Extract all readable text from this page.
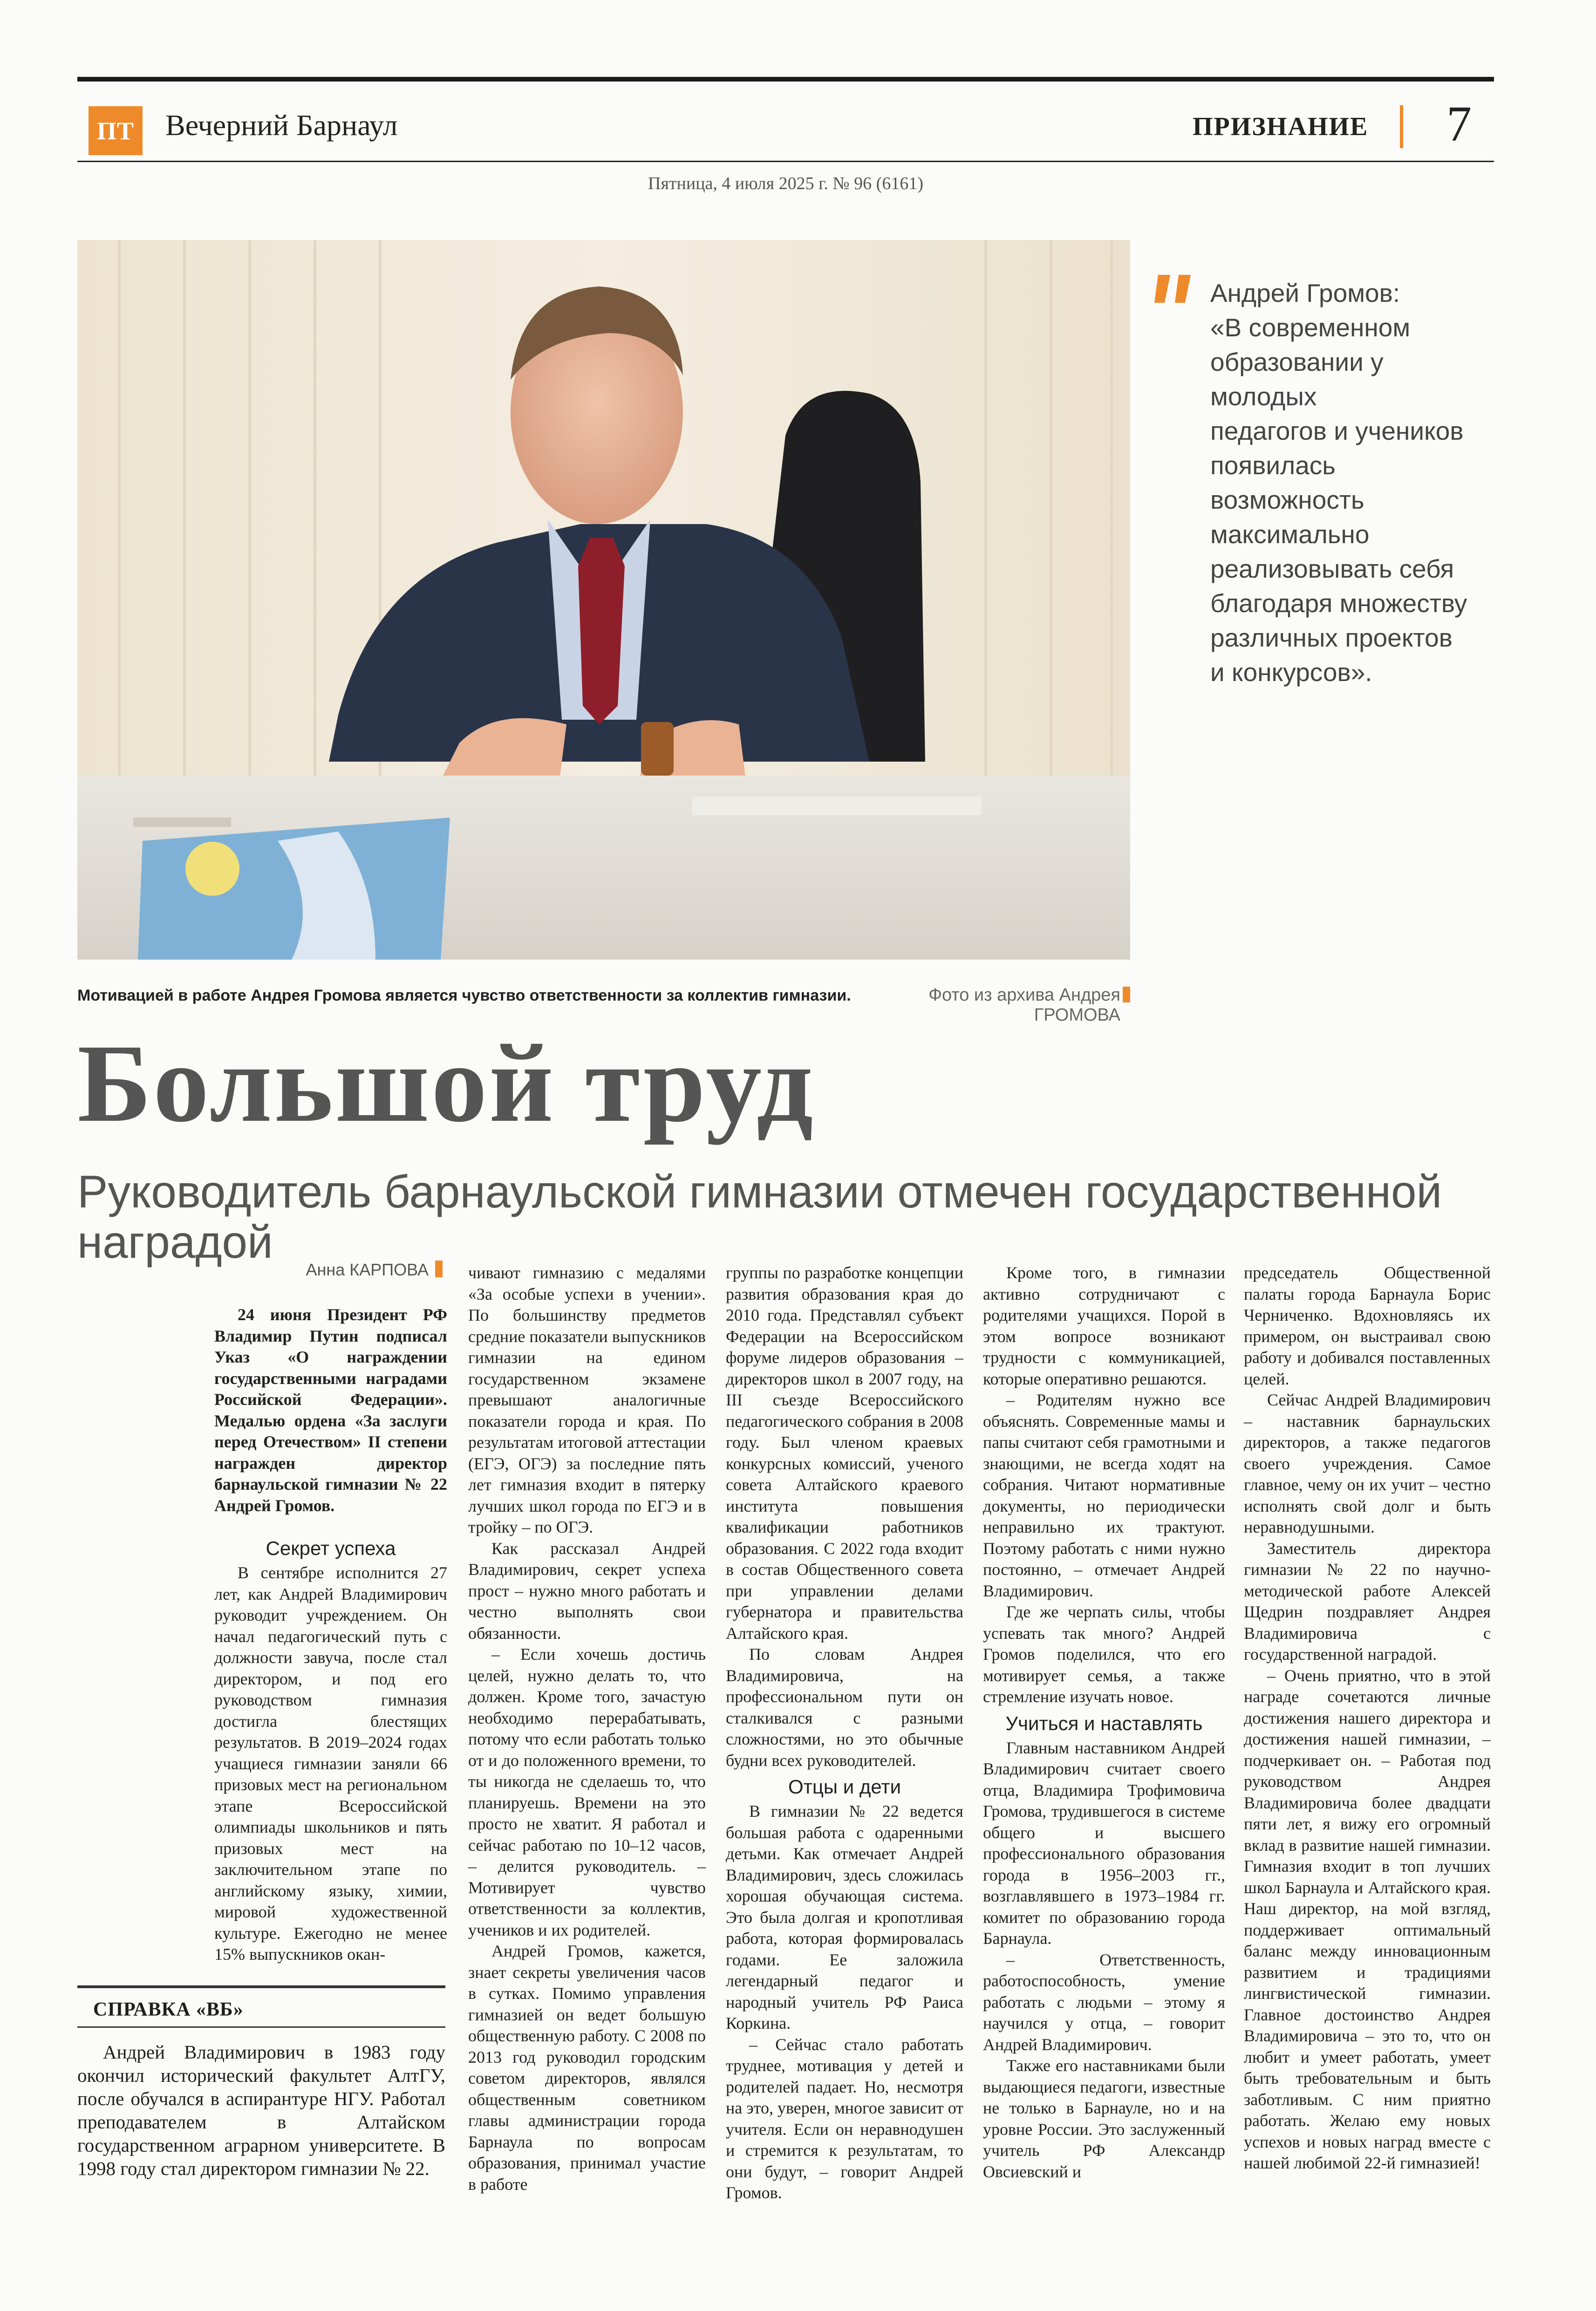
ПТ Вечерний Барнаул	ПРИЗНАНИЕ 7
Пятница, 4 июля 2025 г. № 96 (6161)

Андрей Громов:

«В современном

образовании у молодых

педагогов и учеников

появилась возможность

максимально

реализовывать себя

благодаря множеству

различных проектов

и конкурсов».

Мотивацией в работе Андрея Громова является чувство ответственности за коллектив гимназии.	Фото из архива Андрея ГРОМОВА
Большой труд
Руководитель барнаульской гимназии отмечен государственной наградой
Анна КАРПОВА

24 июня Президент РФ Владимир Путин подписал Указ «О награждении государственными наградами Российской Федерации». Медалью ордена «За заслуги перед Отечеством» II степени награжден директор барнаульской гимназии № 22 Андрей Громов.

Секрет успеха

В сентябре исполнится 27 лет, как Андрей Владимирович руководит учреждением. Он начал педагогический путь с должности завуча, после стал директором, и под его руководством гимназия достигла блестящих результатов. В 2019–2024 годах учащиеся гимназии заняли 66 призовых мест на региональном этапе Всероссийской олимпиады школьников и пять призовых мест на заключительном этапе по английскому языку, химии, мировой художественной культуре. Ежегодно не менее 15% выпускников окан-

чивают гимназию с медалями «За особые успехи в учении». По большинству предметов средние показатели выпускников гимназии на едином государственном экзамене превышают аналогичные показатели города и края. По результатам итоговой аттестации (ЕГЭ, ОГЭ) за последние пять лет гимназия входит в пятерку лучших школ города по ЕГЭ и в тройку – по ОГЭ.

Как рассказал Андрей Владимирович, секрет успеха прост – нужно много работать и честно выполнять свои обязанности.

– Если хочешь достичь целей, нужно делать то, что должен. Кроме того, зачастую необходимо перерабатывать, потому что если работать только от и до положенного времени, то ты никогда не сделаешь то, что планируешь. Времени на это просто не хватит. Я работал и сейчас работаю по 10–12 часов, – делится руководитель. – Мотивирует чувство ответственности за коллектив, учеников и их родителей.

Андрей Громов, кажется, знает секреты увеличения часов в сутках. Помимо управления гимназией он ведет большую общественную работу. С 2008 по 2013 год руководил городским советом директоров, являлся общественным советником главы администрации города Барнаула по вопросам образования, принимал участие в работе

группы по разработке концепции развития образования края до 2010 года. Представлял субъект Федерации на Всероссийском форуме лидеров образования – директоров школ в 2007 году, на III съезде Всероссийского педагогического собрания в 2008 году. Был членом краевых конкурсных комиссий, ученого совета Алтайского краевого института повышения квалификации работников образования. С 2022 года входит в состав Общественного совета при управлении делами губернатора и правительства Алтайского края.

По словам Андрея Владимировича, на профессиональном пути он сталкивался с разными сложностями, но это обычные будни всех руководителей.

Отцы и дети

В гимназии № 22 ведется большая работа с одаренными детьми. Как отмечает Андрей Владимирович, здесь сложилась хорошая обучающая система. Это была долгая и кропотливая работа, которая формировалась годами. Ее заложила легендарный педагог и народный учитель РФ Раиса Коркина.

– Сейчас стало работать труднее, мотивация у детей и родителей падает. Но, несмотря на это, уверен, многое зависит от учителя. Если он неравнодушен и стремится к результатам, то они будут, – говорит Андрей Громов.

Кроме того, в гимназии активно сотрудничают с родителями учащихся. Порой в этом вопросе возникают трудности с коммуникацией, которые оперативно решаются.

– Родителям нужно все объяснять. Современные мамы и папы считают себя грамотными и знающими, не всегда ходят на собрания. Читают нормативные документы, но периодически неправильно их трактуют. Поэтому работать с ними нужно постоянно, – отмечает Андрей Владимирович.

Где же черпать силы, чтобы успевать так много? Андрей Громов поделился, что его мотивирует семья, а также стремление изучать новое.

Учиться и наставлять

Главным наставником Андрей Владимирович считает своего отца, Владимира Трофимовича Громова, трудившегося в системе общего и высшего профессионального образования города в 1956–2003 гг., возглавлявшего в 1973–1984 гг. комитет по образованию города Барнаула.

– Ответственность, работоспособность, умение работать с людьми – этому я научился у отца, – говорит Андрей Владимирович.

Также его наставниками были выдающиеся педагоги, известные не только в Барнауле, но и на уровне России. Это заслуженный учитель РФ Александр Овсиевский и

председатель Общественной палаты города Барнаула Борис Черниченко. Вдохновляясь их примером, он выстраивал свою работу и добивался поставленных целей.

Сейчас Андрей Владимирович – наставник барнаульских директоров, а также педагогов своего учреждения. Самое главное, чему он их учит – честно исполнять свой долг и быть неравнодушными.

Заместитель директора гимназии № 22 по научно-методической работе Алексей Щедрин поздравляет Андрея Владимировича с государственной наградой.

– Очень приятно, что в этой награде сочетаются личные достижения нашего директора и достижения нашей гимназии, – подчеркивает он. – Работая под руководством Андрея Владимировича более двадцати пяти лет, я вижу его огромный вклад в развитие нашей гимназии. Гимназия входит в топ лучших школ Барнаула и Алтайского края. Наш директор, на мой взгляд, поддерживает оптимальный баланс между инновационным развитием и традициями лингвистической гимназии. Главное достоинство Андрея Владимировича – это то, что он любит и умеет работать, умеет быть требовательным и быть заботливым. С ним приятно работать. Желаю ему новых успехов и новых наград вместе с нашей любимой 22-й гимназией!

СПРАВКА «ВБ»

Андрей Владимирович в 1983 году окончил исторический факультет АлтГУ, после обучался в аспирантуре НГУ. Работал преподавателем в Алтайском государственном аграрном университете. В 1998 году стал директором гимназии № 22.
